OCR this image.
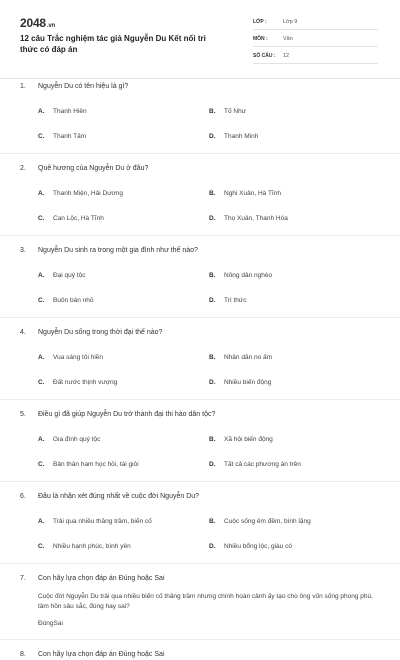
2048.vn
12 câu Trắc nghiệm tác giả Nguyễn Du Kết nối tri thức có đáp án
LỚP :	Lớp 9
MÔN :	Văn
SỐ CÂU :	12
1.	Nguyễn Du có tên hiệu là gì?
A.	Thanh Hiên	B.	Tố Như
C.	Thanh Tâm	D.	Thanh Minh
2.	Quê hương của Nguyễn Du ở đâu?
A.	Thanh Miện, Hải Dương	B.	Nghi Xuân, Hà Tĩnh
C.	Can Lộc, Hà Tĩnh	D.	Thọ Xuân, Thanh Hóa
3.	Nguyễn Du sinh ra trong một gia đình như thế nào?
A.	Đại quý tộc	B.	Nông dân nghèo
C.	Buôn bán nhỏ	D.	Trí thức
4.	Nguyễn Du sống trong thời đại thế nào?
A.	Vua sáng tôi hiền	B.	Nhân dân no ấm
C.	Đất nước thịnh vượng	D.	Nhiều biến động
5.	Điều gì đã giúp Nguyễn Du trở thành đại thi hào dân tộc?
A.	Gia đình quý tộc	B.	Xã hội biến động
C.	Bản thân ham học hỏi, tài giỏi	D.	Tất cả các phương án trên
6.	Đâu là nhận xét đúng nhất về cuộc đời Nguyễn Du?
A.	Trải qua nhiều thăng trầm, biến cố	B.	Cuộc sống êm đềm, bình lặng
C.	Nhiều hạnh phúc, bình yên	D.	Nhiều bổng lộc, giàu có
7.	Con hãy lựa chọn đáp án Đúng hoặc Sai
Cuộc đời Nguyễn Du trải qua nhiều biến cố thăng trầm nhưng chính hoàn cảnh ấy tạo cho ông vốn sống phong phú, tâm hồn sâu sắc, đúng hay sai?
ĐúngSai
8.	Con hãy lựa chọn đáp án Đúng hoặc Sai
